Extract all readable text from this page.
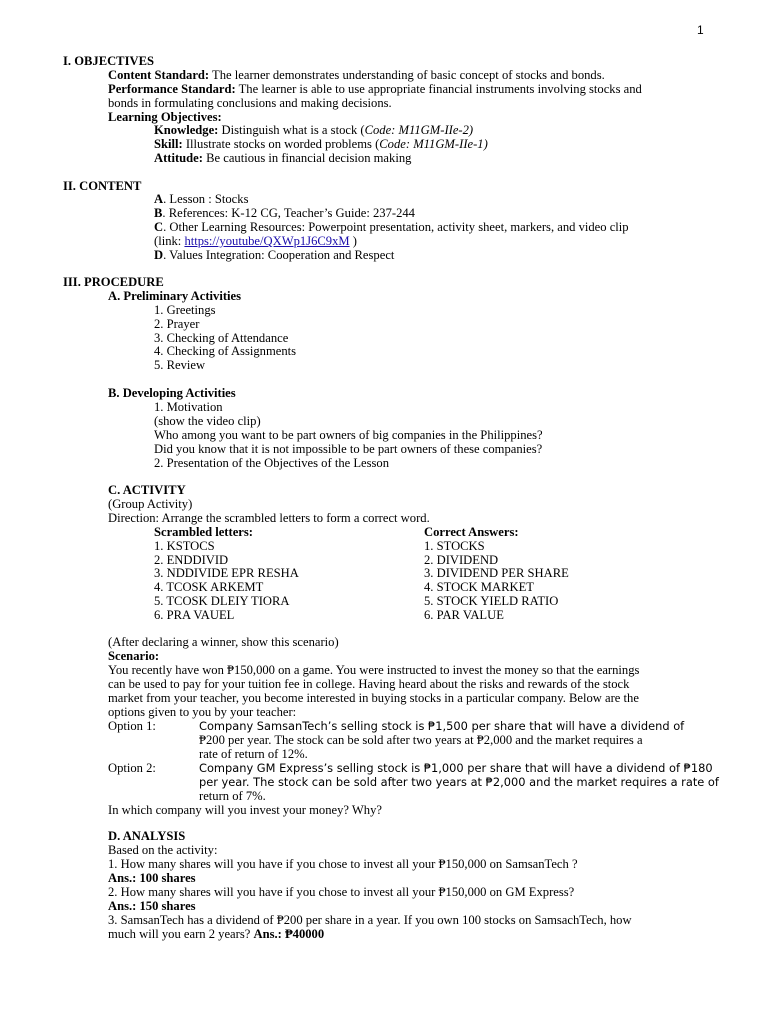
1
I. OBJECTIVES
Content Standard: The learner demonstrates understanding of basic concept of stocks and bonds.
Performance Standard: The learner is able to use appropriate financial instruments involving stocks and
bonds in formulating conclusions and making decisions.
Learning Objectives:
Knowledge: Distinguish what is a stock (Code: M11GM-IIe-2)
Skill: Illustrate stocks on worded problems (Code: M11GM-IIe-1)
Attitude: Be cautious in financial decision making
II. CONTENT
A. Lesson : Stocks
B. References: K-12 CG, Teacher’s Guide: 237-244
C. Other Learning Resources: Powerpoint presentation, activity sheet, markers, and video clip
(link: https://youtube/QXWp1J6C9xM )
D. Values Integration: Cooperation and Respect
III. PROCEDURE
A. Preliminary Activities
1. Greetings
2. Prayer
3. Checking of Attendance
4. Checking of Assignments
5. Review
B. Developing Activities
1. Motivation
(show the video clip)
Who among you want to be part owners of big companies in the Philippines?
Did you know that it is not impossible to be part owners of these companies?
2. Presentation of the Objectives of the Lesson
C. ACTIVITY
(Group Activity)
Direction: Arrange the scrambled letters to form a correct word.
Scrambled letters:	Correct Answers:
1. KSTOCS	1. STOCKS
2. ENDDIVID	2. DIVIDEND
3. NDDIVIDE EPR RESHA	3. DIVIDEND PER SHARE
4. TCOSK ARKEMT	4. STOCK MARKET
5. TCOSK DLEIY TIORA	5. STOCK YIELD RATIO
6. PRA VAUEL	6. PAR VALUE
(After declaring a winner, show this scenario)
Scenario:
You recently have won ₱150,000 on a game. You were instructed to invest the money so that the earnings
can be used to pay for your tuition fee in college. Having heard about the risks and rewards of the stock
market from your teacher, you become interested in buying stocks in a particular company. Below are the
options given to you by your teacher:
Option 1:	Company SamsanTech’s selling stock is ₱1,500 per share that will have a dividend of
₱200 per year. The stock can be sold after two years at ₱2,000 and the market requires a
rate of return of 12%.
Option 2:	Company GM Express’s selling stock is ₱1,000 per share that will have a dividend of ₱180
per year. The stock can be sold after two years at ₱2,000 and the market requires a rate of
return of 7%.
In which company will you invest your money? Why?
D. ANALYSIS
Based on the activity:
1. How many shares will you have if you chose to invest all your ₱150,000 on SamsanTech ?
Ans.: 100 shares
2. How many shares will you have if you chose to invest all your ₱150,000 on GM Express?
Ans.: 150 shares
3. SamsanTech has a dividend of ₱200 per share in a year. If you own 100 stocks on SamsachTech, how
much will you earn 2 years? Ans.: ₱40000
